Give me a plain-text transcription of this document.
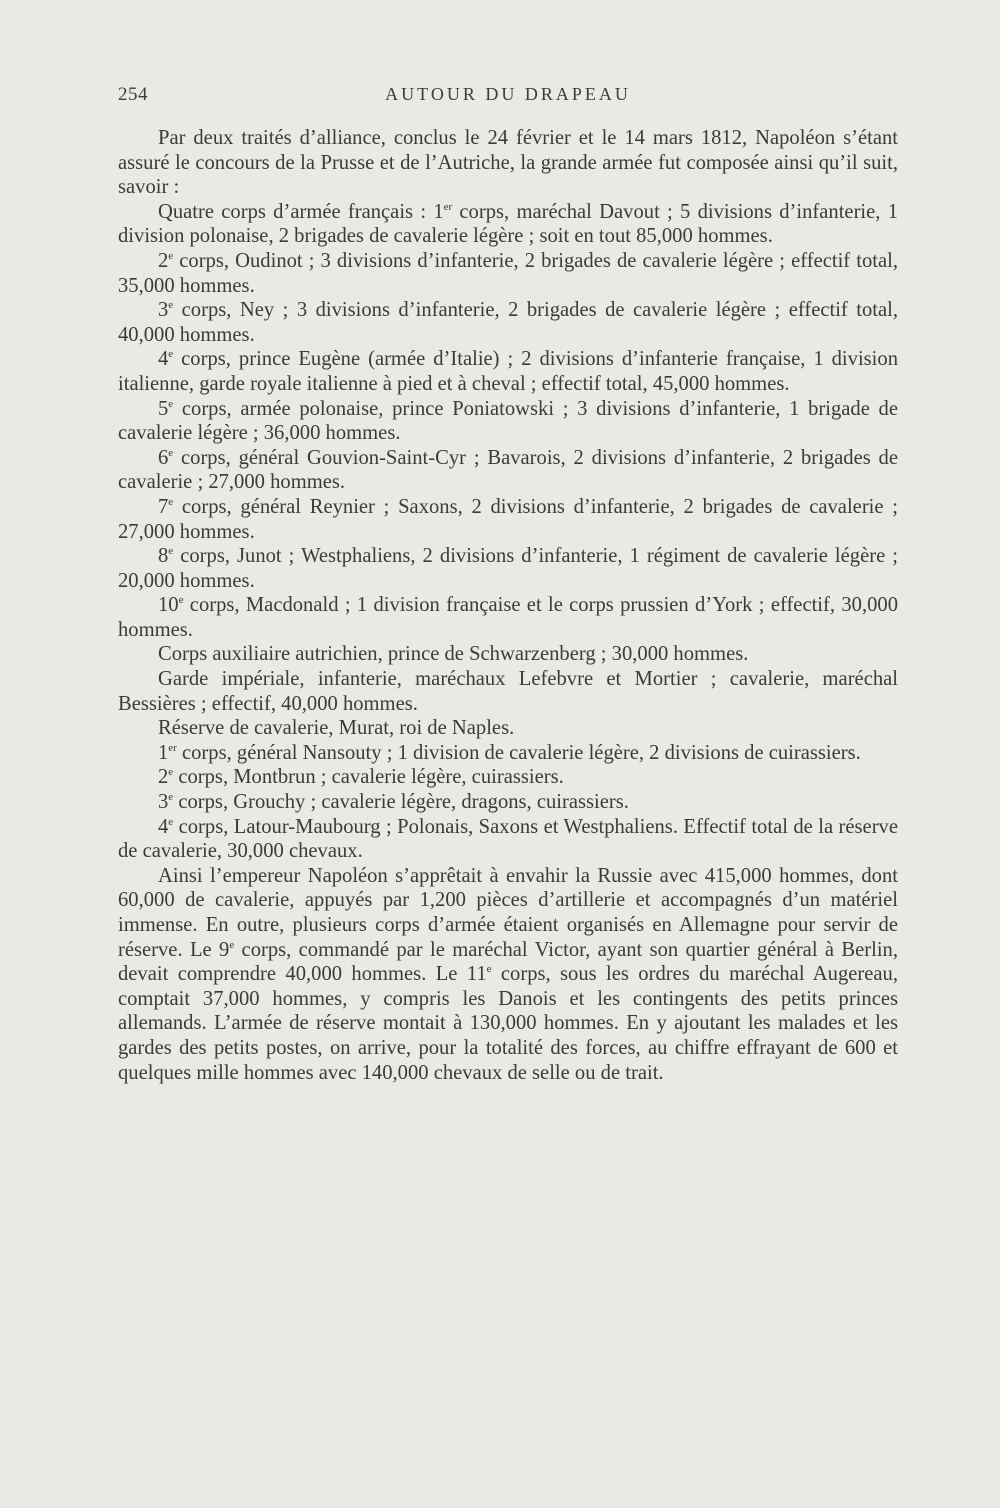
254	AUTOUR DU DRAPEAU

Par deux traités d’alliance, conclus le 24 février et le 14 mars 1812, Napoléon s’étant assuré le concours de la Prusse et de l’Autriche, la grande armée fut composée ainsi qu’il suit, savoir :

Quatre corps d’armée français : 1er corps, maréchal Davout ; 5 divisions d’infanterie, 1 division polonaise, 2 brigades de cavalerie légère ; soit en tout 85,000 hommes.

2e corps, Oudinot ; 3 divisions d’infanterie, 2 brigades de cavalerie légère ; effectif total, 35,000 hommes.

3e corps, Ney ; 3 divisions d’infanterie, 2 brigades de cavalerie légère ; effectif total, 40,000 hommes.

4e corps, prince Eugène (armée d’Italie) ; 2 divisions d’infanterie française, 1 division italienne, garde royale italienne à pied et à cheval ; effectif total, 45,000 hommes.

5e corps, armée polonaise, prince Poniatowski ; 3 divisions d’infanterie, 1 brigade de cavalerie légère ; 36,000 hommes.

6e corps, général Gouvion-Saint-Cyr ; Bavarois, 2 divisions d’infanterie, 2 brigades de cavalerie ; 27,000 hommes.

7e corps, général Reynier ; Saxons, 2 divisions d’infanterie, 2 brigades de cavalerie ; 27,000 hommes.

8e corps, Junot ; Westphaliens, 2 divisions d’infanterie, 1 régiment de cavalerie légère ; 20,000 hommes.

10e corps, Macdonald ; 1 division française et le corps prussien d’York ; effectif, 30,000 hommes.

Corps auxiliaire autrichien, prince de Schwarzenberg ; 30,000 hommes.

Garde impériale, infanterie, maréchaux Lefebvre et Mortier ; cavalerie, maréchal Bessières ; effectif, 40,000 hommes.

Réserve de cavalerie, Murat, roi de Naples.

1er corps, général Nansouty ; 1 division de cavalerie légère, 2 divisions de cuirassiers.

2e corps, Montbrun ; cavalerie légère, cuirassiers.

3e corps, Grouchy ; cavalerie légère, dragons, cuirassiers.

4e corps, Latour-Maubourg ; Polonais, Saxons et Westphaliens. Effectif total de la réserve de cavalerie, 30,000 chevaux.

Ainsi l’empereur Napoléon s’apprêtait à envahir la Russie avec 415,000 hommes, dont 60,000 de cavalerie, appuyés par 1,200 pièces d’artillerie et accompagnés d’un matériel immense. En outre, plusieurs corps d’armée étaient organisés en Allemagne pour servir de réserve. Le 9e corps, commandé par le maréchal Victor, ayant son quartier général à Berlin, devait comprendre 40,000 hommes. Le 11e corps, sous les ordres du maréchal Augereau, comptait 37,000 hommes, y compris les Danois et les contingents des petits princes allemands. L’armée de réserve montait à 130,000 hommes. En y ajoutant les malades et les gardes des petits postes, on arrive, pour la totalité des forces, au chiffre effrayant de 600 et quelques mille hommes avec 140,000 chevaux de selle ou de trait.
